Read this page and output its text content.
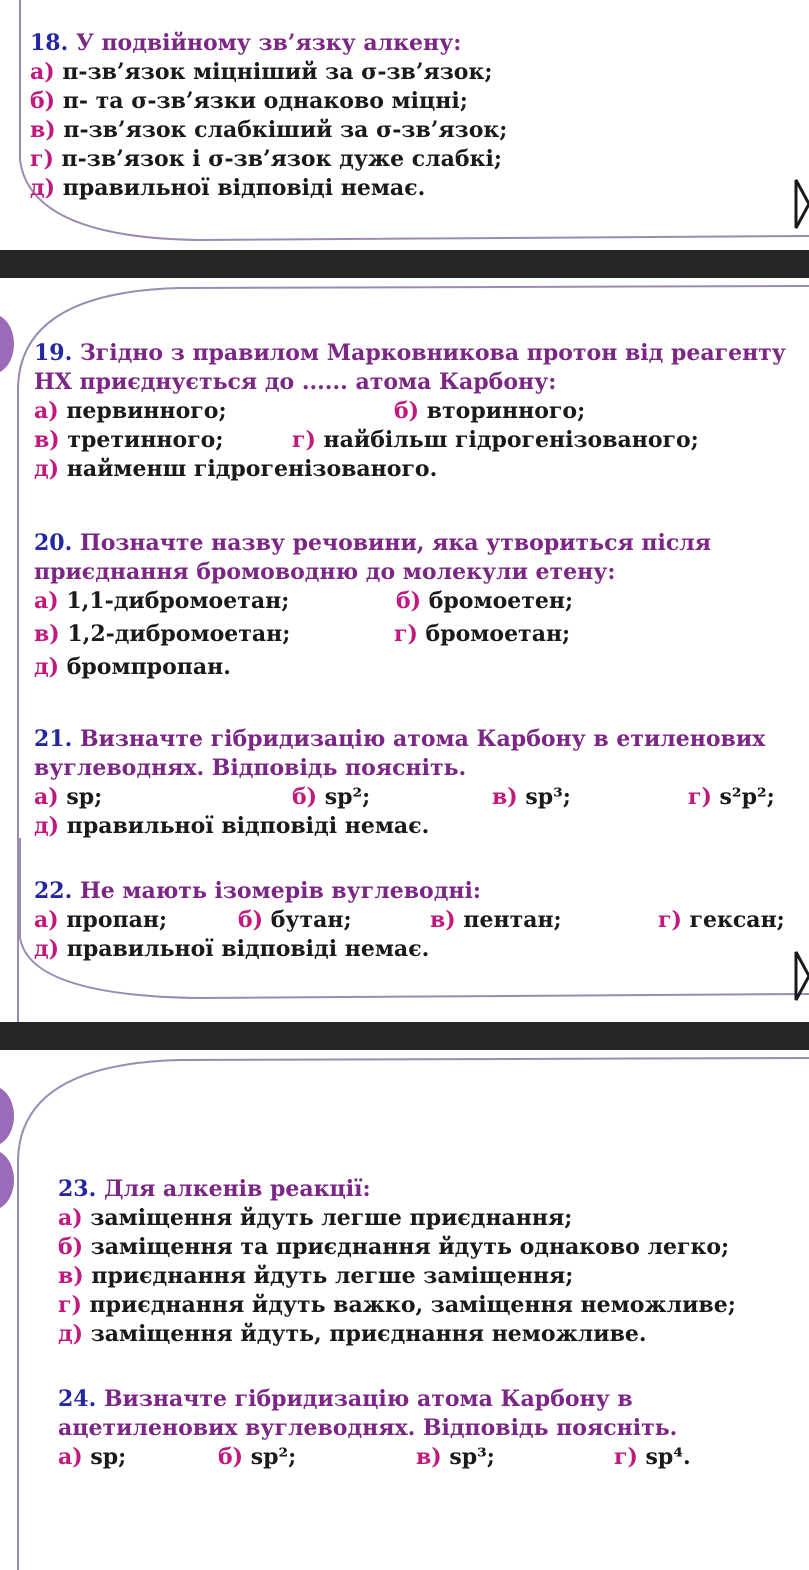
18. У подвійному зв’язку алкену:
а) π-зв’язок міцніший за σ-зв’язок;
б) π- та σ-зв’язки однаково міцні;
в) π-зв’язок слабкіший за σ-зв’язок;
г) π-зв’язок і σ-зв’язок дуже слабкі;
д) правильної відповіді немає.
19. Згідно з правилом Марковникова протон від реагенту
НХ приєднується до ...... атома Карбону:
а) первинного;	б) вторинного;
в) третинного;	г) найбільш гідрогенізованого;
д) найменш гідрогенізованого.
20. Позначте назву речовини, яка утвориться після
приєднання бромоводню до молекули етену:
а) 1,1-дибромоетан;	б) бромоетен;
в) 1,2-дибромоетан;	г) бромоетан;
д) бромпропан.
21. Визначте гібридизацію атома Карбону в етиленових
вуглеводнях. Відповідь поясніть.
а) sp;	б) sp²;	в) sp³;	г) s²p²;
д) правильної відповіді немає.
22. Не мають ізомерів вуглеводні:
а) пропан;	б) бутан;	в) пентан;	г) гексан;
д) правильної відповіді немає.
23. Для алкенів реакції:
а) заміщення йдуть легше приєднання;
б) заміщення та приєднання йдуть однаково легко;
в) приєднання йдуть легше заміщення;
г) приєднання йдуть важко, заміщення неможливе;
д) заміщення йдуть, приєднання неможливе.
24. Визначте гібридизацію атома Карбону в
ацетиленових вуглеводнях. Відповідь поясніть.
а) sp;	б) sp²;	в) sp³;	г) sp⁴.
